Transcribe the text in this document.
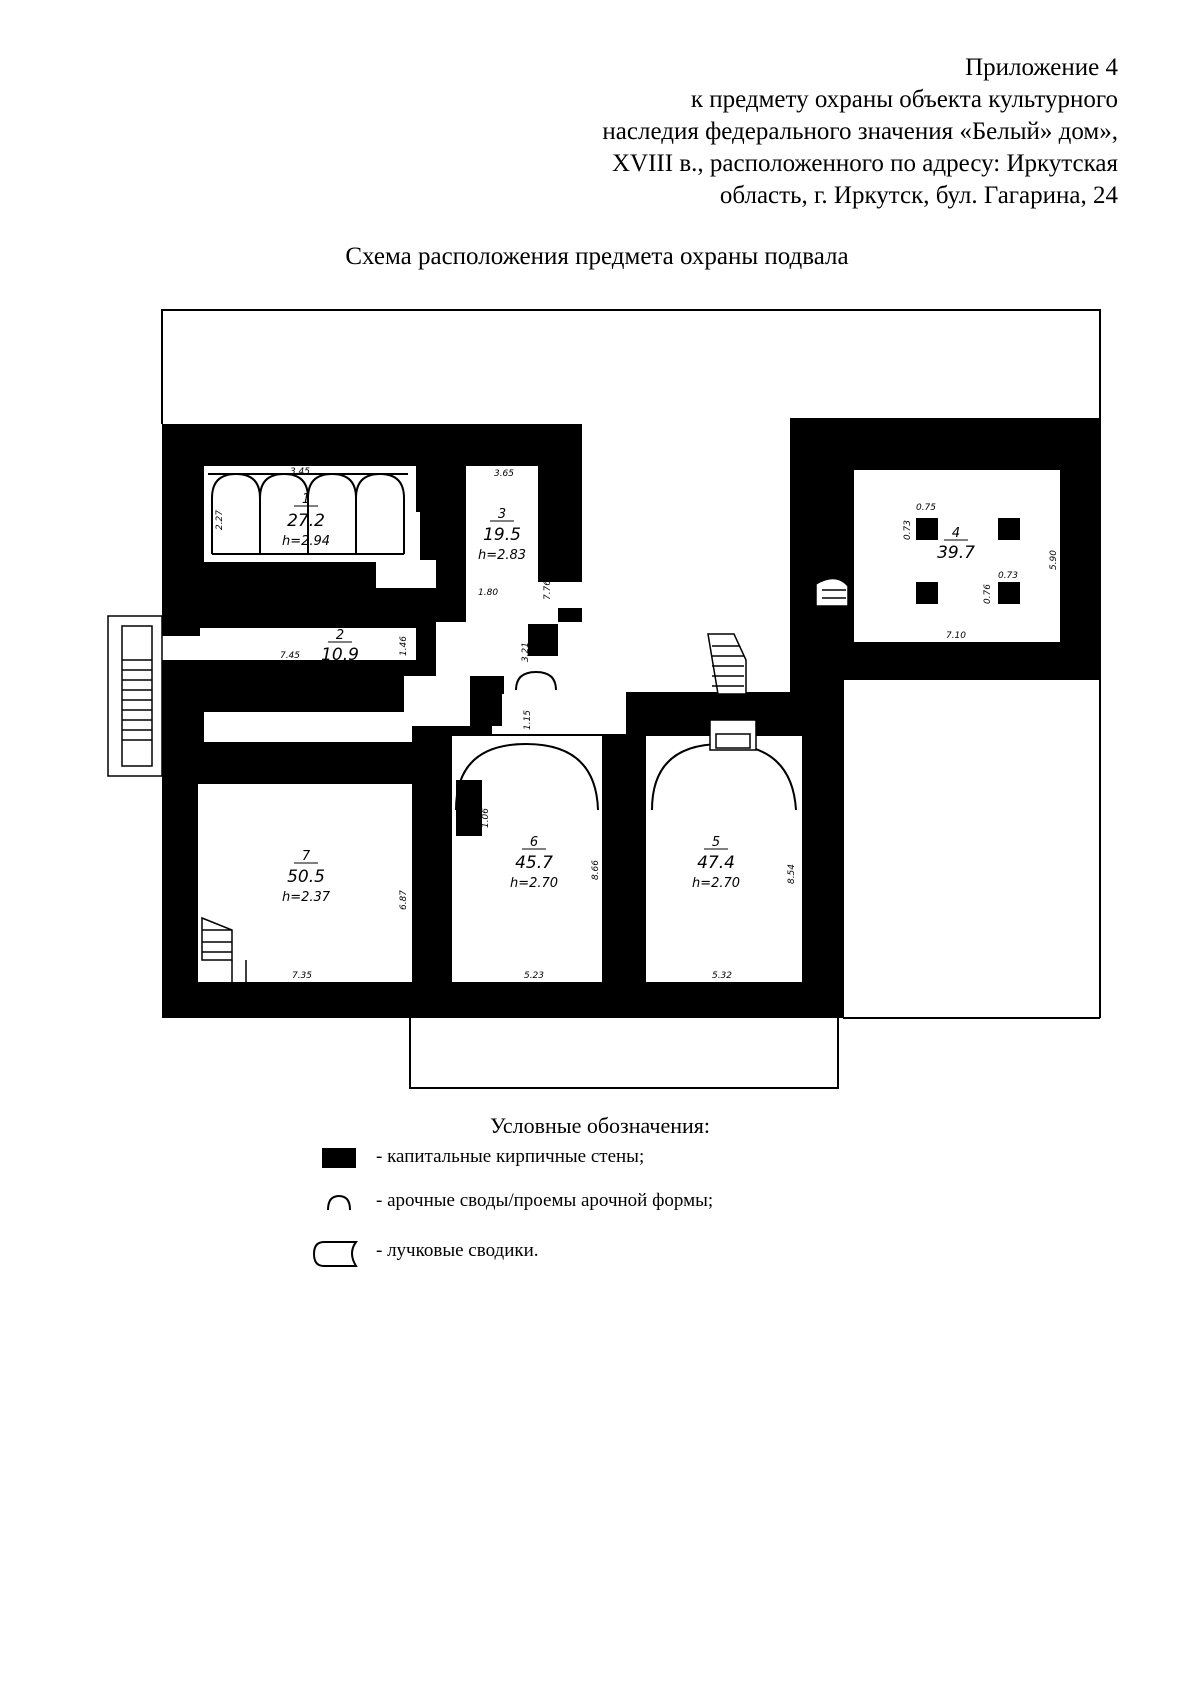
Приложение 4
к предмету охраны объекта культурного
наследия федерального значения «Белый» дом»,
XVIII в., расположенного по адресу: Иркутская
область, г. Иркутск, бул. Гагарина, 24
Схема расположения предмета охраны подвала
1
27.2
h=2.94
2
10.9
3
19.5
h=2.83
4
39.7
5
47.4
h=2.70
6
45.7
h=2.70
7
50.5
h=2.37
3.45
2.27
3.65
7.76
1.58
1.80
3.21
1.15
7.45	1.46
0.75
0.73
0.73
0.76
5.90
7.10
0.94
1.06
8.66
5.23
8.54
5.32
6.87
7.35
Условные обозначения:
- капитальные кирпичные стены;
- арочные своды/проемы арочной формы;
- лучковые сводики.
